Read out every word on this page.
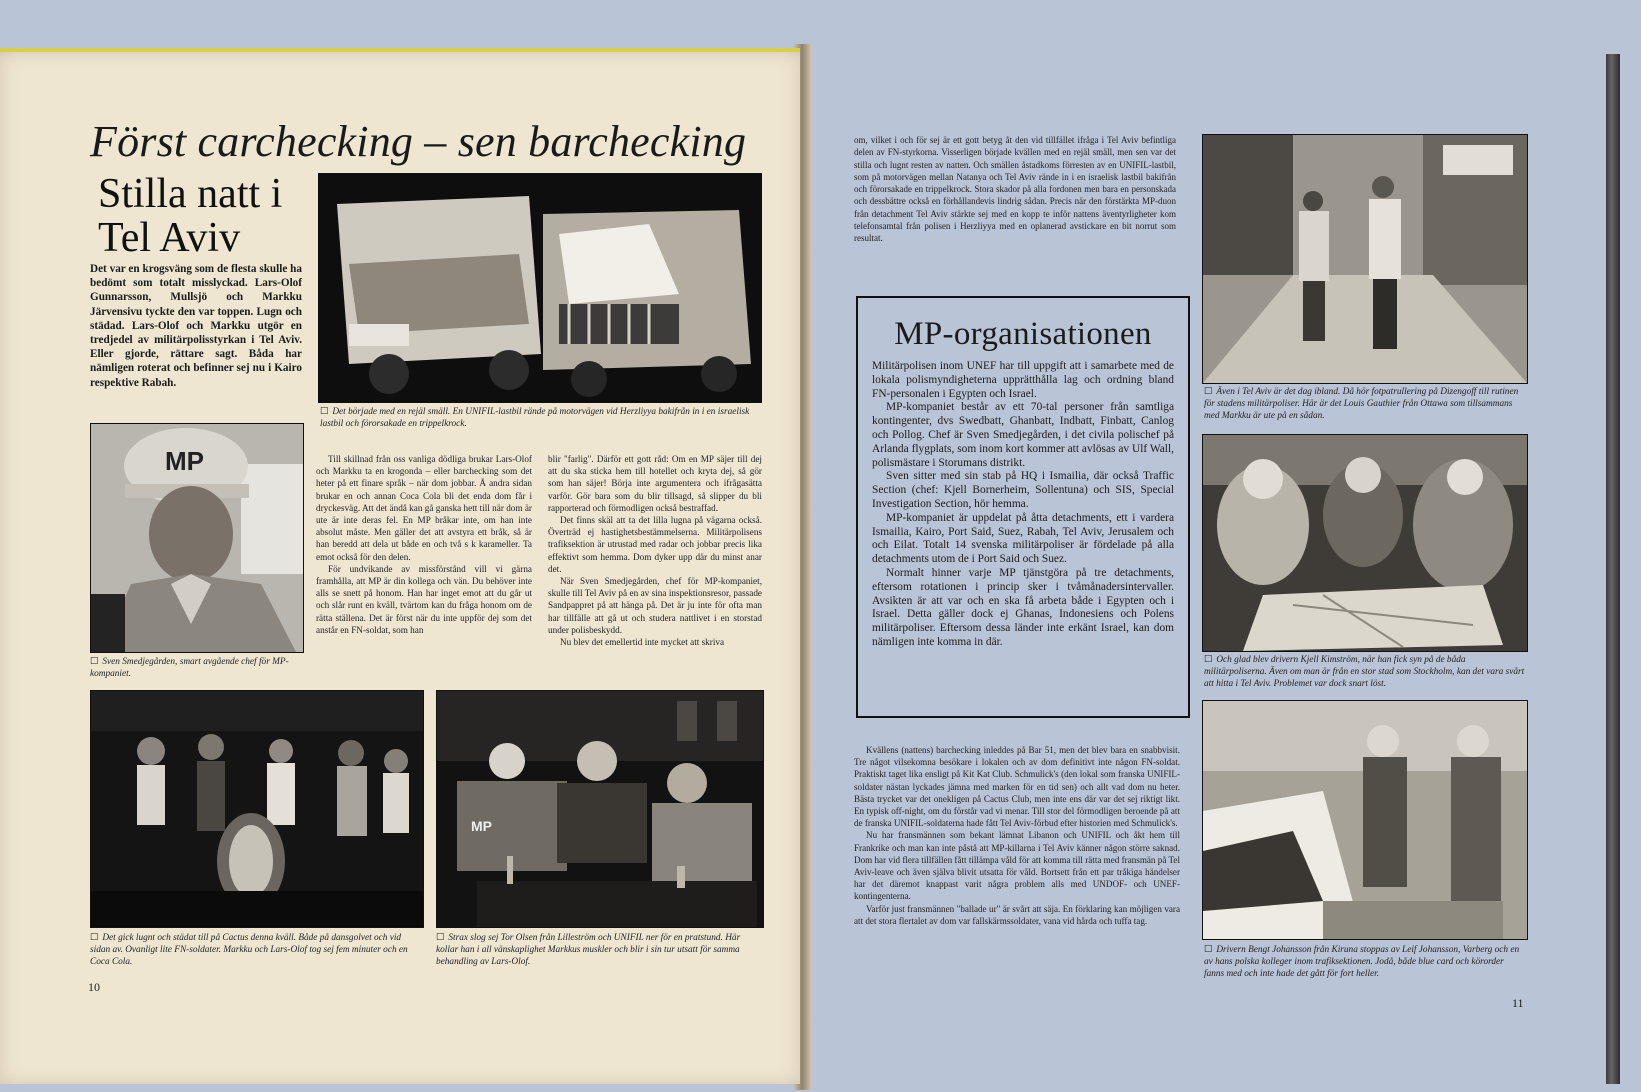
Först carchecking – sen barchecking
Stilla natt i Tel Aviv
Det var en krogsväng som de flesta skulle ha bedömt som totalt misslyckad. Lars-Olof Gunnarsson, Mullsjö och Markku Järvensivu tyckte den var toppen. Lugn och städad. Lars-Olof och Markku utgör en tredjedel av militärpolisstyrkan i Tel Aviv. Eller gjorde, rättare sagt. Båda har nämligen roterat och befinner sej nu i Kairo respektive Rabah.
☐ Det började med en rejäl smäll. En UNIFIL-lastbil rände på motorvägen vid Herzliyya bakifrån in i en israelisk lastbil och förorsakade en trippelkrock.
MP
☐ Sven Smedjegården, smart avgående chef för MP-kompaniet.

Till skillnad från oss vanliga dödliga brukar Lars-Olof och Markku ta en krogonda – eller barchecking som det heter på ett finare språk – när dom jobbar. Å andra sidan brukar en och annan Coca Cola bli det enda dom får i dryckesväg. Att det ändå kan gå ganska hett till när dom är ute är inte deras fel. En MP bråkar inte, om han inte absolut måste. Men gäller det att avstyra ett bråk, så är han beredd att dela ut både en och två s k karameller. Ta emot också för den delen.

För undvikande av missförstånd vill vi gärna framhålla, att MP är din kollega och vän. Du behöver inte alls se snett på honom. Han har inget emot att du går ut och slår runt en kväll, tvärtom kan du fråga honom om de rätta ställena. Det är först när du inte uppför dej som det anstår en FN-soldat, som han

blir "farlig". Därför ett gott råd: Om en MP säjer till dej att du ska sticka hem till hotellet och kryta dej, så gör som han säjer! Börja inte argumentera och ifrågasätta varför. Gör bara som du blir tillsagd, så slipper du bli rapporterad och förmodligen också bestraffad.

Det finns skäl att ta det lilla lugna på vägarna också. Överträd ej hastighetsbestämmelserna. Militärpolisens trafiksektion är utrustad med radar och jobbar precis lika effektivt som hemma. Dom dyker upp där du minst anar det.

När Sven Smedjegården, chef för MP-kompaniet, skulle till Tel Aviv på en av sina inspektionsresor, passade Sandpappret på att hänga på. Det är ju inte för ofta man har tillfälle att gå ut och studera nattlivet i en storstad under polisbeskydd.

Nu blev det emellertid inte mycket att skriva

☐ Det gick lugnt och städat till på Cactus denna kväll. Både på dansgolvet och vid sidan av. Ovanligt lite FN-soldater. Markku och Lars-Olof tog sej fem minuter och en Coca Cola.
MP
☐ Strax slog sej Tor Olsen från Lilleström och UNIFIL ner för en pratstund. Här kollar han i all vänskaplighet Markkus muskler och blir i sin tur utsatt för samma behandling av Lars-Olof.
10

om, vilket i och för sej är ett gott betyg åt den vid tillfället ifråga i Tel Aviv befintliga delen av FN-styrkorna. Visserligen började kvällen med en rejäl smäll, men sen var det stilla och lugnt resten av natten. Och smällen åstadkoms förresten av en UNIFIL-lastbil, som på motorvägen mellan Natanya och Tel Aviv rände in i en israelisk lastbil bakifrån och förorsakade en trippelkrock. Stora skador på alla fordonen men bara en personskada och dessbättre också en förhållandevis lindrig sådan. Precis när den förstärkta MP-duon från detachment Tel Aviv stärkte sej med en kopp te inför nattens äventyrligheter kom telefonsamtal från polisen i Herzliyya med en oplanerad avstickare en bit norrut som resultat.

MP-organisationen

Militärpolisen inom UNEF har till uppgift att i samarbete med de lokala polismyndigheterna upprätthålla lag och ordning bland FN-personalen i Egypten och Israel.

MP-kompaniet består av ett 70-tal personer från samtliga kontingenter, dvs Swedbatt, Ghanbatt, Indbatt, Finbatt, Canlog och Pollog. Chef är Sven Smedjegården, i det civila polischef på Arlanda flygplats, som inom kort kommer att avlösas av Ulf Wall, polismästare i Storumans distrikt.

Sven sitter med sin stab på HQ i Ismailia, där också Traffic Section (chef: Kjell Bornerheim, Sollentuna) och SIS, Special Investigation Section, hör hemma.

MP-kompaniet är uppdelat på åtta detachments, ett i vardera Ismailia, Kairo, Port Said, Suez, Rabah, Tel Aviv, Jerusalem och och Eilat. Totalt 14 svenska militärpoliser är fördelade på alla detachments utom de i Port Said och Suez.

Normalt hinner varje MP tjänstgöra på tre detachments, eftersom rotationen i princip sker i tvåmånadersintervaller. Avsikten är att var och en ska få arbeta både i Egypten och i Israel. Detta gäller dock ej Ghanas, Indonesiens och Polens militärpoliser. Eftersom dessa länder inte erkänt Israel, kan dom nämligen inte komma in där.

Kvällens (nattens) barchecking inleddes på Bar 51, men det blev bara en snabbvisit. Tre något vilsekomna besökare i lokalen och av dom definitivt inte någon FN-soldat. Praktiskt taget lika ensligt på Kit Kat Club. Schmulick's (den lokal som franska UNIFIL-soldater nästan lyckades jämna med marken för en tid sen) och allt vad dom nu heter. Bästa trycket var det onekligen på Cactus Club, men inte ens där var det sej riktigt likt. En typisk off-night, om du förstår vad vi menar. Till stor del förmodligen beroende på att de franska UNIFIL-soldaterna hade fått Tel Aviv-förbud efter historien med Schmulick's.

Nu har fransmännen som bekant lämnat Libanon och UNIFIL och åkt hem till Frankrike och man kan inte påstå att MP-killarna i Tel Aviv känner någon större saknad. Dom har vid flera tillfällen fått tillämpa våld för att komma till rätta med fransmän på Tel Aviv-leave och även själva blivit utsatta för våld. Bortsett från ett par tråkiga händelser har det däremot knappast varit några problem alls med UNDOF- och UNEF-kontingenterna.

Varför just fransmännen "ballade ur" är svårt att säja. En förklaring kan möjligen vara att det stora flertalet av dom var fallskärmssoldater, vana vid hårda och tuffa tag.

☐ Även i Tel Aviv är det dag ibland. Då hör fotpatrullering på Dizengoff till rutinen för stadens militärpoliser. Här är det Louis Gauthier från Ottawa som tillsammans med Markku är ute på en sådan.
☐ Och glad blev drivern Kjell Kimström, när han fick syn på de båda militärpoliserna. Även om man är från en stor stad som Stockholm, kan det vara svårt att hitta i Tel Aviv. Problemet var dock snart löst.
☐ Drivern Bengt Johansson från Kiruna stoppas av Leif Johansson, Varberg och en av hans polska kolleger inom trafiksektionen. Jodå, både blue card och körorder fanns med och inte hade det gått för fort heller.
11
